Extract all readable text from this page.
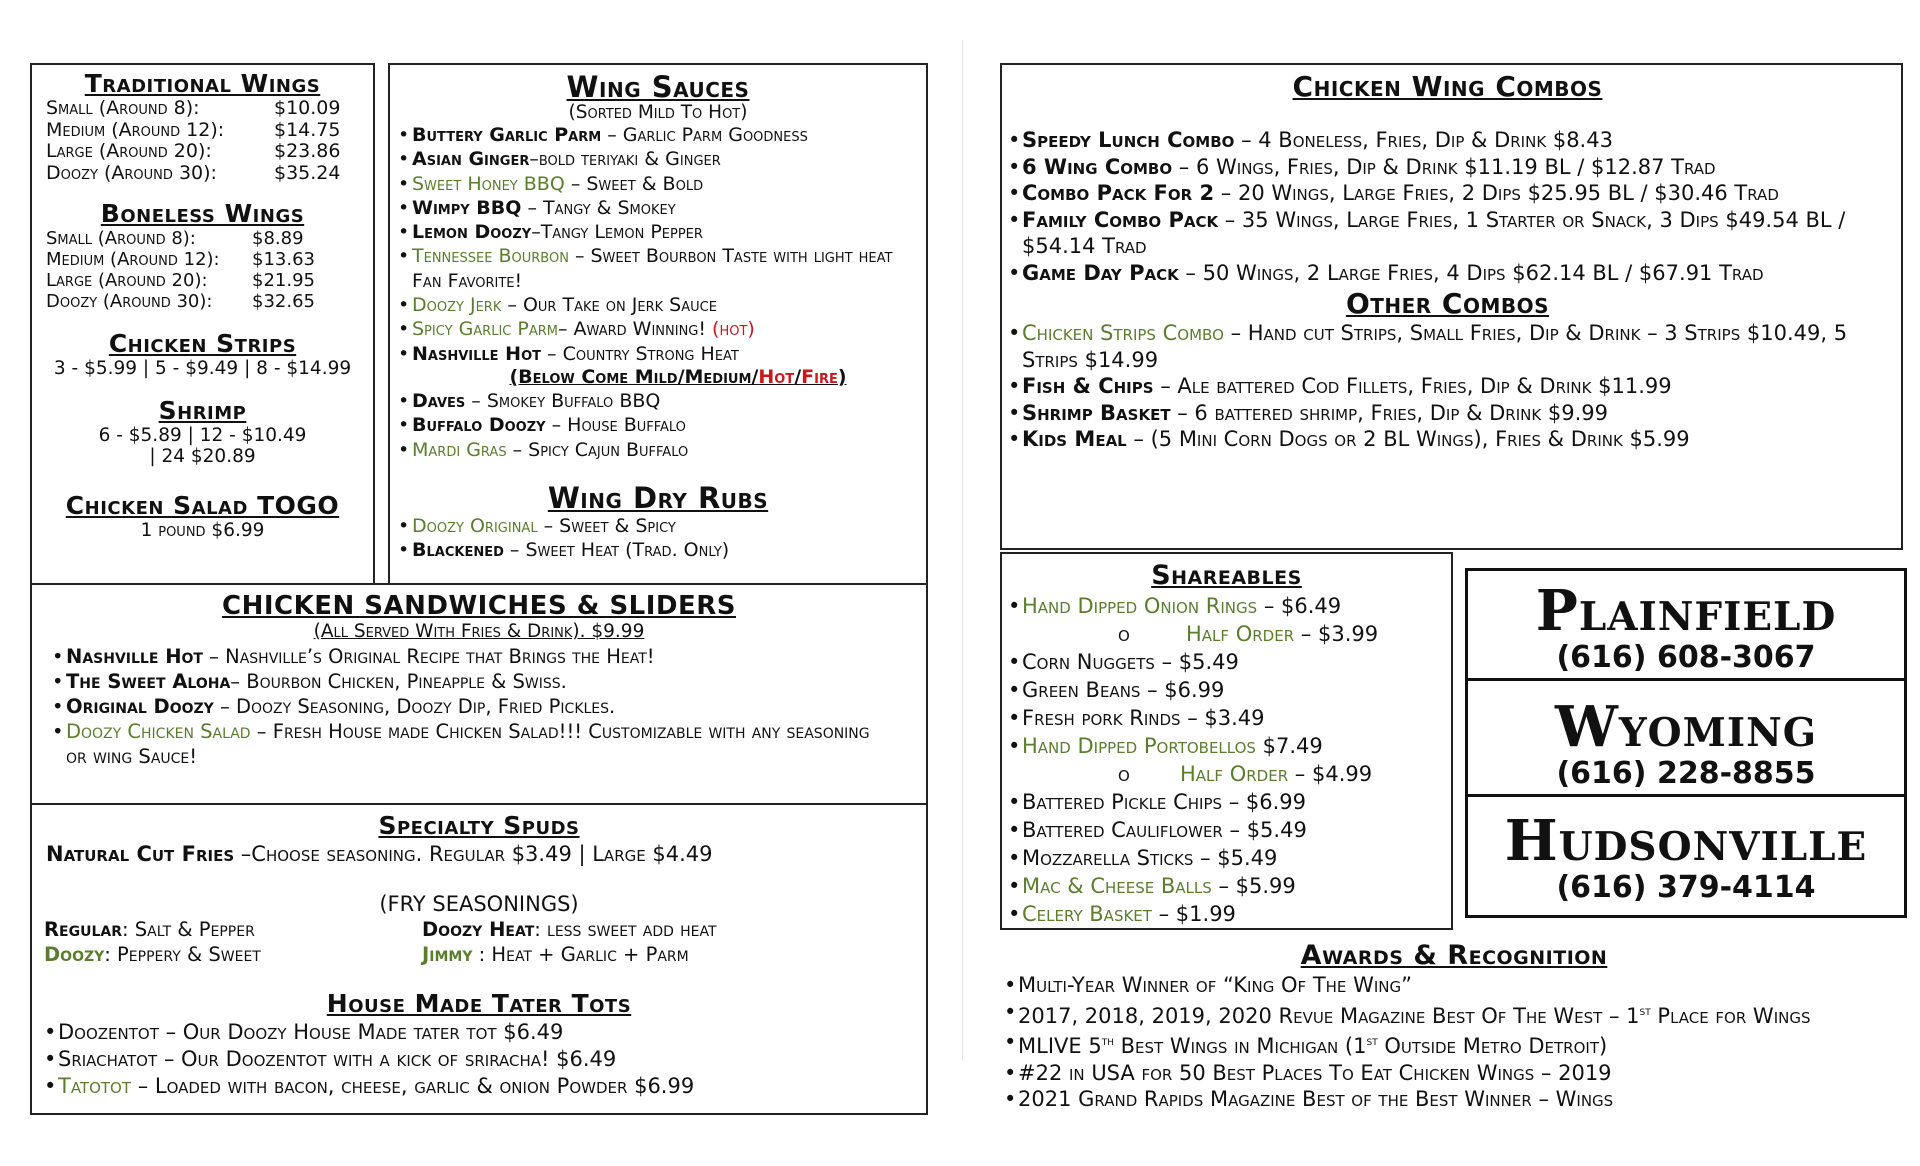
Traditional Wings
Small (Around 8):	$10.09
Medium (Around 12):	$14.75
Large (Around 20):	$23.86
Doozy (Around 30):	$35.24
Boneless Wings
Small (Around 8):	$8.89
Medium (Around 12):	$13.63
Large (Around 20):	$21.95
Doozy (Around 30):	$32.65
Chicken Strips
3 - $5.99 | 5 - $9.49 | 8 - $14.99
Shrimp
6 - $5.89 | 12 - $10.49
| 24 $20.89
Chicken Salad TOGO
1 pound $6.99
Wing Sauces
(Sorted Mild To Hot)
• Buttery Garlic Parm – Garlic Parm Goodness
• Asian Ginger–bold teriyaki & Ginger
• Sweet Honey BBQ – Sweet & Bold
• Wimpy BBQ – Tangy & Smokey
• Lemon Doozy–Tangy Lemon Pepper
• Tennessee Bourbon – Sweet Bourbon Taste with light heat Fan Favorite!
• Doozy Jerk – Our Take on Jerk Sauce
• Spicy Garlic Parm– Award Winning! (hot)
• Nashville Hot – Country Strong Heat
(Below Come Mild/Medium/Hot/Fire)
• Daves – Smokey Buffalo BBQ
• Buffalo Doozy – House Buffalo
• Mardi Gras – Spicy Cajun Buffalo
Wing Dry Rubs
• Doozy Original – Sweet & Spicy
• Blackened – Sweet Heat (Trad. Only)
CHICKEN SANDWICHES & SLIDERS
(All Served With Fries & Drink). $9.99
• Nashville Hot – Nashville’s Original Recipe that Brings the Heat!
• The Sweet Aloha– Bourbon Chicken, Pineapple & Swiss.
• Original Doozy – Doozy Seasoning, Doozy Dip, Fried Pickles.
• Doozy Chicken Salad – Fresh House made Chicken Salad!!! Customizable with any seasoning or wing Sauce!
Specialty Spuds
Natural Cut Fries –Choose seasoning. Regular $3.49 | Large $4.49
(FRY SEASONINGS)
Regular: Salt & Pepper	Doozy Heat: less sweet add heat
Doozy: Peppery & Sweet	Jimmy : Heat + Garlic + Parm
House Made Tater Tots
• Doozentot – Our Doozy House Made tater tot $6.49
• Sriachatot – Our Doozentot with a kick of sriracha! $6.49
• Tatotot – Loaded with bacon, cheese, garlic & onion Powder $6.99
Chicken Wing Combos
• Speedy Lunch Combo – 4 Boneless, Fries, Dip & Drink $8.43
• 6 Wing Combo – 6 Wings, Fries, Dip & Drink $11.19 BL / $12.87 Trad
• Combo Pack For 2 – 20 Wings, Large Fries, 2 Dips $25.95 BL / $30.46 Trad
• Family Combo Pack – 35 Wings, Large Fries, 1 Starter or Snack, 3 Dips $49.54 BL / $54.14 Trad
• Game Day Pack – 50 Wings, 2 Large Fries, 4 Dips $62.14 BL / $67.91 Trad
Other Combos
• Chicken Strips Combo – Hand cut Strips, Small Fries, Dip & Drink – 3 Strips $10.49, 5 Strips $14.99
• Fish & Chips – Ale battered Cod Fillets, Fries, Dip & Drink $11.99
• Shrimp Basket – 6 battered shrimp, Fries, Dip & Drink $9.99
• Kids Meal – (5 Mini Corn Dogs or 2 BL Wings), Fries & Drink $5.99
Shareables
• Hand Dipped Onion Rings – $6.49
o	Half Order – $3.99
• Corn Nuggets – $5.49
• Green Beans – $6.99
• Fresh pork Rinds – $3.49
• Hand Dipped Portobellos $7.49
o Half Order – $4.99
• Battered Pickle Chips – $6.99
• Battered Cauliflower – $5.49
• Mozzarella Sticks – $5.49
• Mac & Cheese Balls – $5.99
• Celery Basket – $1.99
Plainfield
(616) 608-3067
Wyoming
(616) 228-8855
Hudsonville
(616) 379-4114
Awards & Recognition
• Multi-Year Winner of “King Of The Wing”
• 2017, 2018, 2019, 2020 Revue Magazine Best Of The West – 1st Place for Wings
• MLIVE 5th Best Wings in Michigan (1st Outside Metro Detroit)
• #22 in USA for 50 Best Places To Eat Chicken Wings – 2019
• 2021 Grand Rapids Magazine Best of the Best Winner – Wings
